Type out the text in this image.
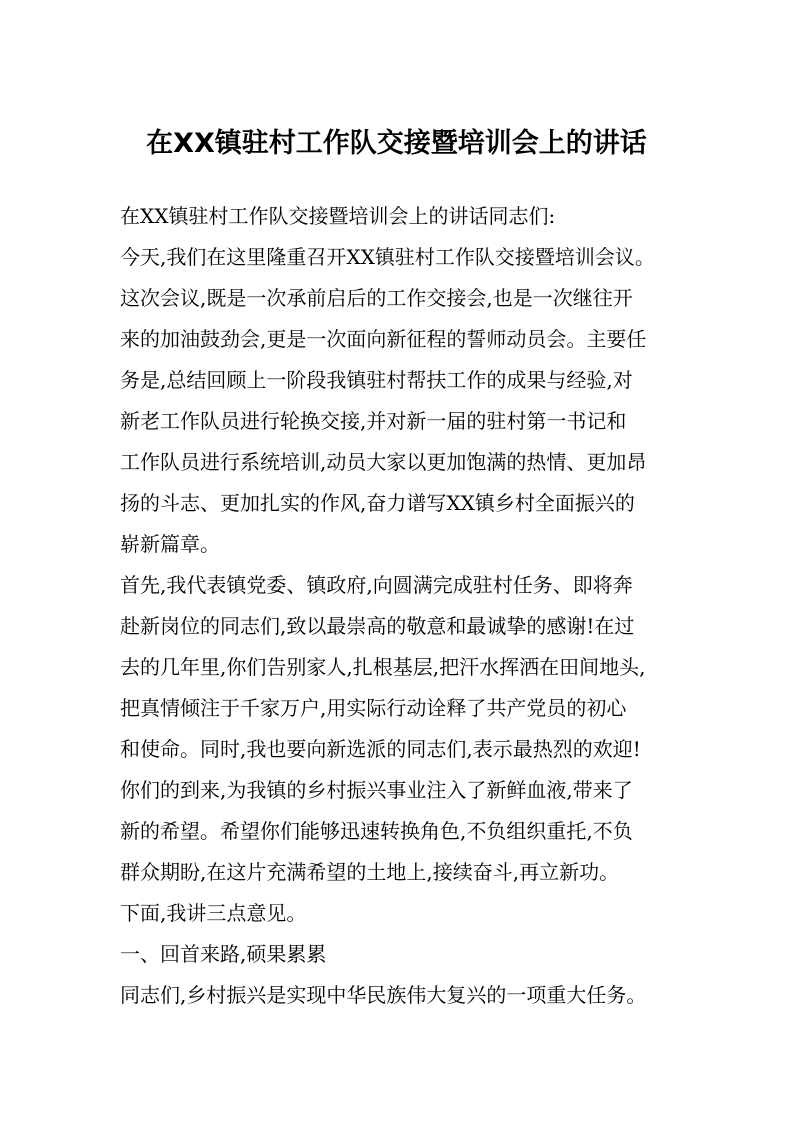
在XX镇驻村工作队交接暨培训会上的讲话
在XX镇驻村工作队交接暨培训会上的讲话同志们:
今天,我们在这里隆重召开XX镇驻村工作队交接暨培训会议。
这次会议,既是一次承前启后的工作交接会,也是一次继往开
来的加油鼓劲会,更是一次面向新征程的誓师动员会。主要任
务是,总结回顾上一阶段我镇驻村帮扶工作的成果与经验,对
新老工作队员进行轮换交接,并对新一届的驻村第一书记和
工作队员进行系统培训,动员大家以更加饱满的热情、更加昂
扬的斗志、更加扎实的作风,奋力谱写XX镇乡村全面振兴的
崭新篇章。
首先,我代表镇党委、镇政府,向圆满完成驻村任务、即将奔
赴新岗位的同志们,致以最崇高的敬意和最诚挚的感谢!在过
去的几年里,你们告别家人,扎根基层,把汗水挥洒在田间地头,
把真情倾注于千家万户,用实际行动诠释了共产党员的初心
和使命。同时,我也要向新选派的同志们,表示最热烈的欢迎!
你们的到来,为我镇的乡村振兴事业注入了新鲜血液,带来了
新的希望。希望你们能够迅速转换角色,不负组织重托,不负
群众期盼,在这片充满希望的土地上,接续奋斗,再立新功。
下面,我讲三点意见。
一、回首来路,硕果累累
同志们,乡村振兴是实现中华民族伟大复兴的一项重大任务。
